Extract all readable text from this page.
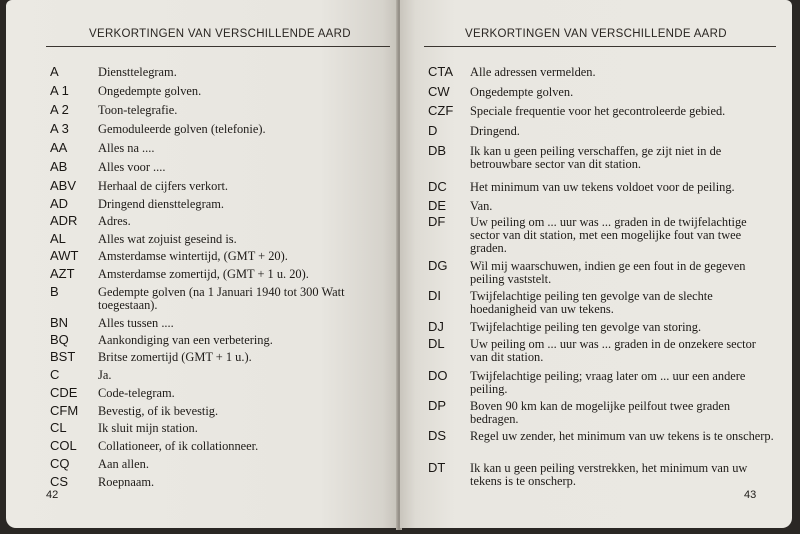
VERKORTINGEN VAN VERSCHILLENDE AARD
A	Diensttelegram.
A 1 Ongedempte golven.
A 2 Toon-telegrafie.
A 3 Gemoduleerde golven (telefonie).
AA Alles na ....
AB Alles voor ....
ABV Herhaal de cijfers verkort.
AD Dringend diensttelegram.
ADR Adres.
AL	Alles wat zojuist geseind is.
AWT Amsterdamse wintertijd, (GMT + 20).
AZT Amsterdamse zomertijd, (GMT + 1 u. 20).
B	Gedempte golven (na 1 Januari 1940 tot 300 Watt toegestaan).
BN Alles tussen ....
BQ Aankondiging van een verbetering.
BST Britse zomertijd (GMT + 1 u.).
C	Ja.
CDE Code-telegram.
CFM Bevestig, of ik bevestig.
CL	Ik sluit mijn station.
COL Collationeer, of ik collationneer.
CQ Aan allen.
CS Roepnaam.
42
VERKORTINGEN VAN VERSCHILLENDE AARD
CTA Alle adressen vermelden.
CW Ongedempte golven.
CZF Speciale frequentie voor het gecontroleerde gebied.
D	Dringend.
DB Ik kan u geen peiling verschaffen, ge zijt niet in de betrouwbare sector van dit station.
DC Het minimum van uw tekens voldoet voor de peiling.
DE Van.
DF Uw peiling om ... uur was ... graden in de twijfelachtige sector van dit station, met een mogelijke fout van twee graden.
DG Wil mij waarschuwen, indien ge een fout in de gegeven peiling vaststelt.
DI Twijfelachtige peiling ten gevolge van de slechte hoedanigheid van uw tekens.
DJ Twijfelachtige peiling ten gevolge van storing.
DL Uw peiling om ... uur was ... graden in de onzekere sector van dit station.
DO Twijfelachtige peiling; vraag later om ... uur een andere peiling.
DP Boven 90 km kan de mogelijke peilfout twee graden bedragen.
DS Regel uw zender, het minimum van uw tekens is te onscherp.
DT Ik kan u geen peiling verstrekken, het minimum van uw tekens is te onscherp.
43
